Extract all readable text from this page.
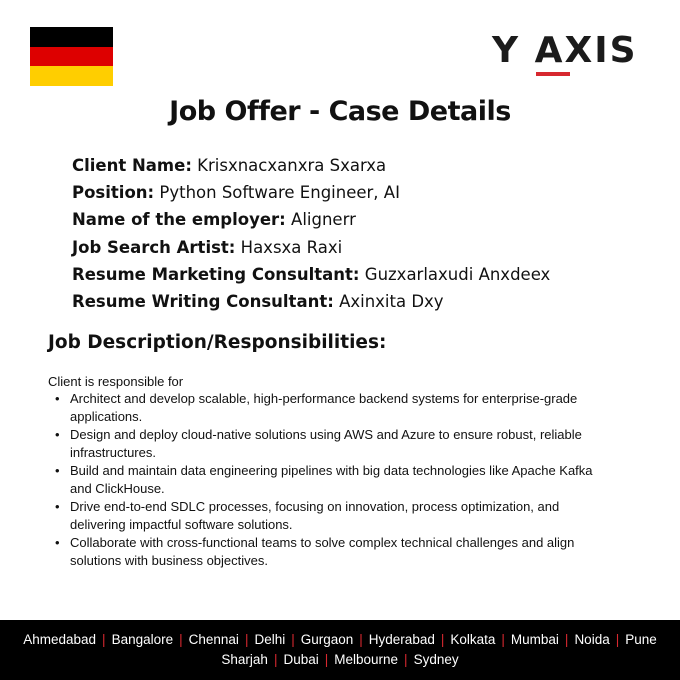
Y AXIS
Job Offer - Case Details
Client Name: Krisxnacxanxra Sxarxa
Position: Python Software Engineer, AI
Name of the employer: Alignerr
Job Search Artist: Haxsxa Raxi
Resume Marketing Consultant: Guzxarlaxudi Anxdeex
Resume Writing Consultant: Axinxita Dxy
Job Description/Responsibilities:
Client is responsible for
• Architect and develop scalable, high-performance backend systems for enterprise-grade
applications.
• Design and deploy cloud-native solutions using AWS and Azure to ensure robust, reliable
infrastructures.
• Build and maintain data engineering pipelines with big data technologies like Apache Kafka
and ClickHouse.
• Drive end-to-end SDLC processes, focusing on innovation, process optimization, and
delivering impactful software solutions.
• Collaborate with cross-functional teams to solve complex technical challenges and align
solutions with business objectives.
Ahmedabad | Bangalore | Chennai | Delhi | Gurgaon | Hyderabad | Kolkata | Mumbai | Noida | Pune
Sharjah | Dubai | Melbourne | Sydney
